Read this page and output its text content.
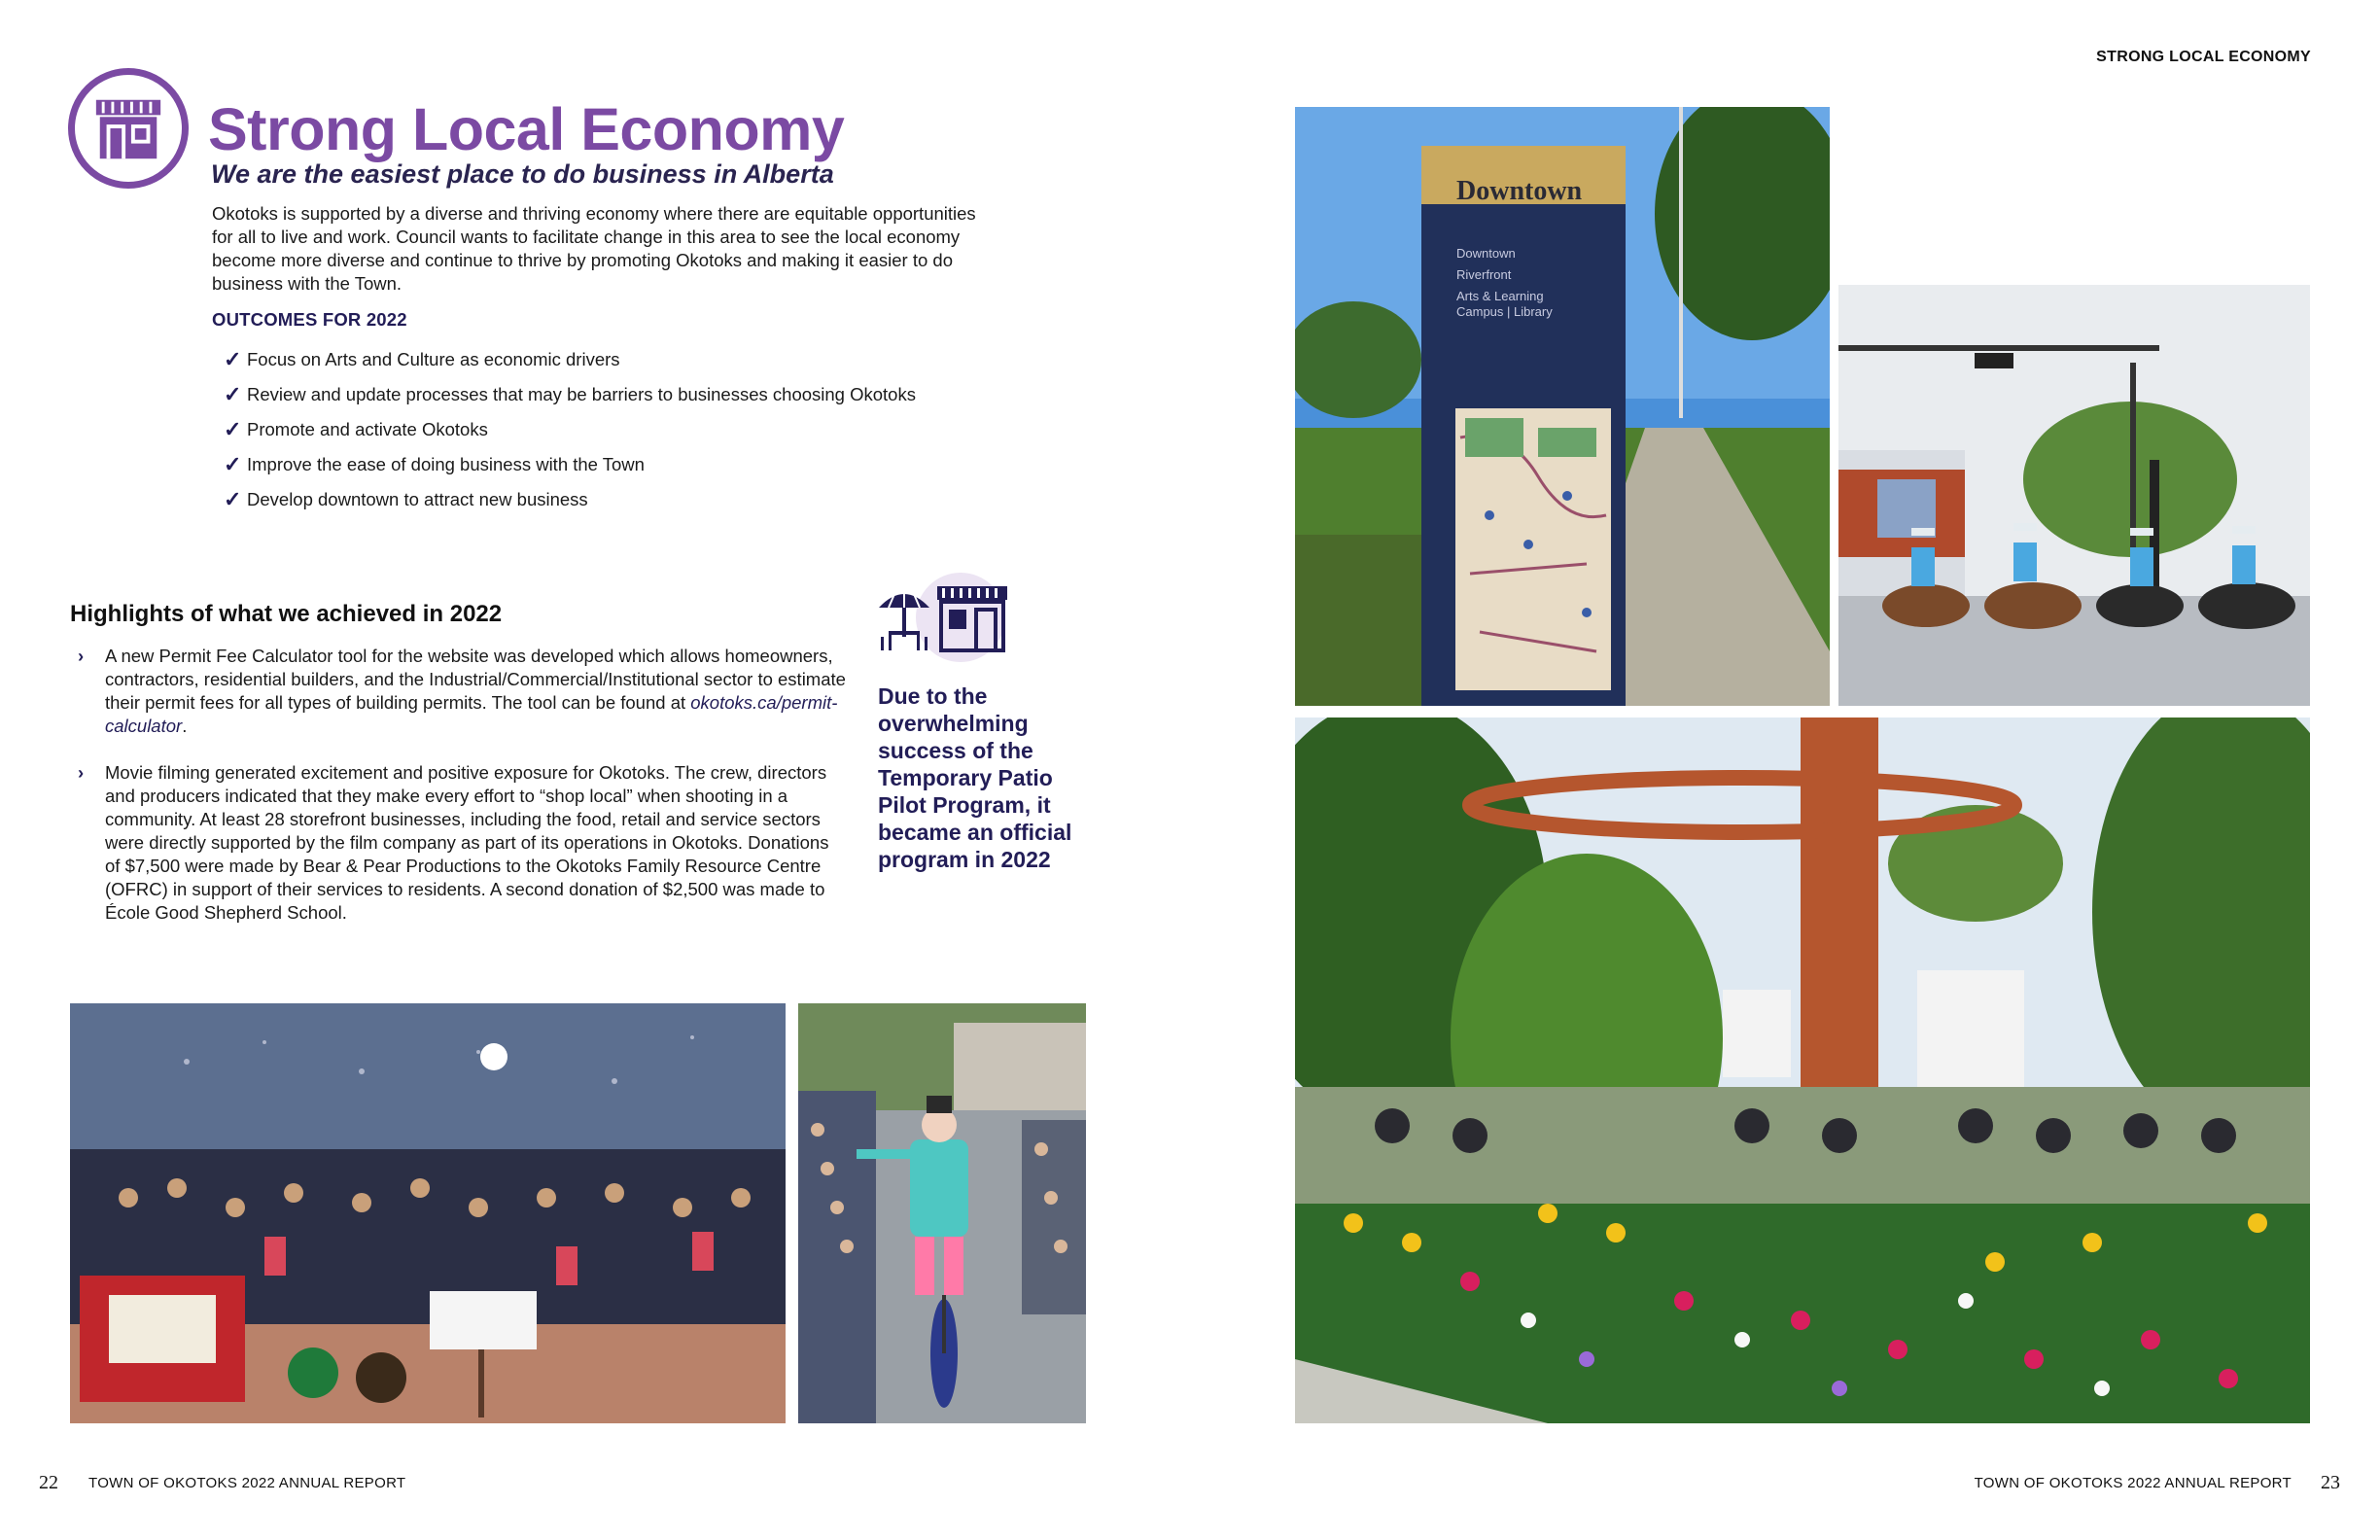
STRONG LOCAL ECONOMY
Strong Local Economy
We are the easiest place to do business in Alberta

Okotoks is supported by a diverse and thriving economy where there are equitable opportunities for all to live and work. Council wants to facilitate change in this area to see the local economy become more diverse and continue to thrive by promoting Okotoks and making it easier to do business with the Town.

OUTCOMES FOR 2022
✓ Focus on Arts and Culture as economic drivers
✓ Review and update processes that may be barriers to businesses choosing Okotoks
✓ Promote and activate Okotoks
✓ Improve the ease of doing business with the Town
✓ Develop downtown to attract new business
Highlights of what we achieved in 2022
›	A new Permit Fee Calculator tool for the website was developed which allows homeowners, contractors, residential builders, and the Industrial/Commercial/Institutional sector to estimate their permit fees for all types of building permits. The tool can be found at okotoks.ca/permit-calculator.
›	Movie filming generated excitement and positive exposure for Okotoks. The crew, directors and producers indicated that they make every effort to “shop local” when shooting in a community. At least 28 storefront businesses, including the food, retail and service sectors were directly supported by the film company as part of its operations in Okotoks. Donations of $7,500 were made by Bear & Pear Productions to the Okotoks Family Resource Centre (OFRC) in support of their services to residents. A second donation of $2,500 was made to École Good Shepherd School.
Due to the overwhelming success of the Temporary Patio Pilot Program, it became an official program in 2022
Downtown
Downtown
Riverfront
Arts & Learning
Campus | Library
22 TOWN OF OKOTOKS 2022 ANNUAL REPORT	TOWN OF OKOTOKS 2022 ANNUAL REPORT 23
